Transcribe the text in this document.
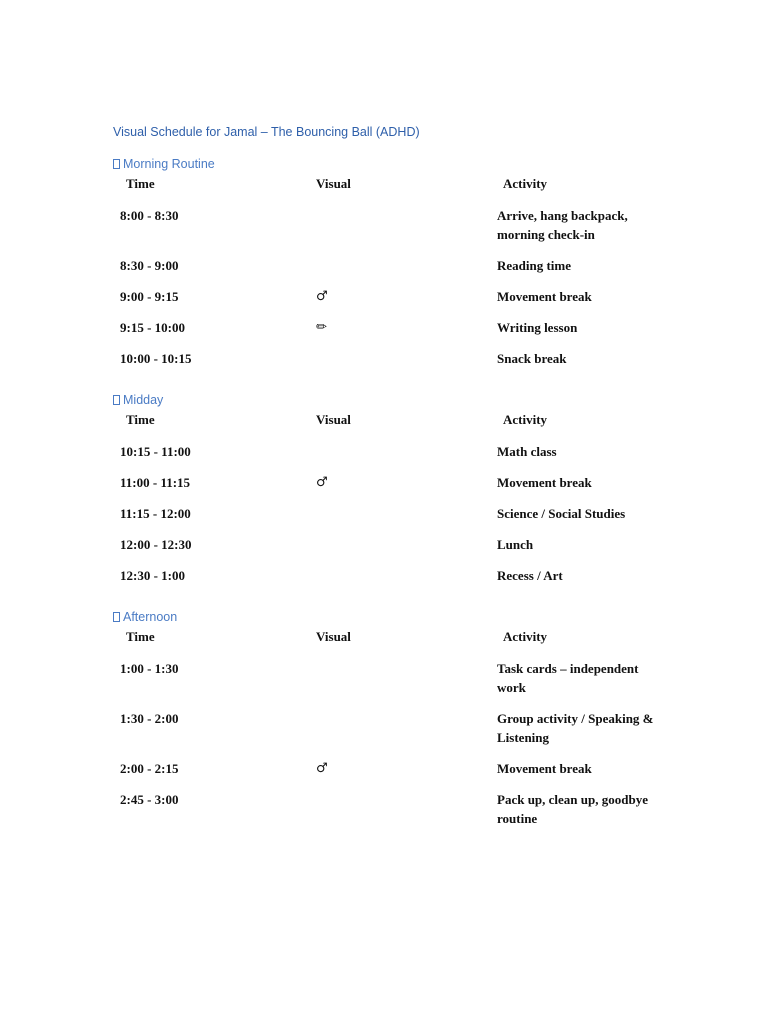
Visual Schedule for Jamal – The Bouncing Ball (ADHD)
Morning Routine
Time	Visual	Activity
8:00 - 8:30		Arrive, hang backpack, morning check-in
8:30 - 9:00		Reading time
9:00 - 9:15	♂	Movement break
9:15 - 10:00	✏	Writing lesson
10:00 - 10:15		Snack break
Midday
Time	Visual	Activity
10:15 - 11:00		Math class
11:00 - 11:15	♂	Movement break
11:15 - 12:00		Science / Social Studies
12:00 - 12:30		Lunch
12:30 - 1:00		Recess / Art
Afternoon
Time	Visual	Activity
1:00 - 1:30		Task cards – independent work
1:30 - 2:00		Group activity / Speaking & Listening
2:00 - 2:15	♂	Movement break
2:45 - 3:00		Pack up, clean up, goodbye routine
